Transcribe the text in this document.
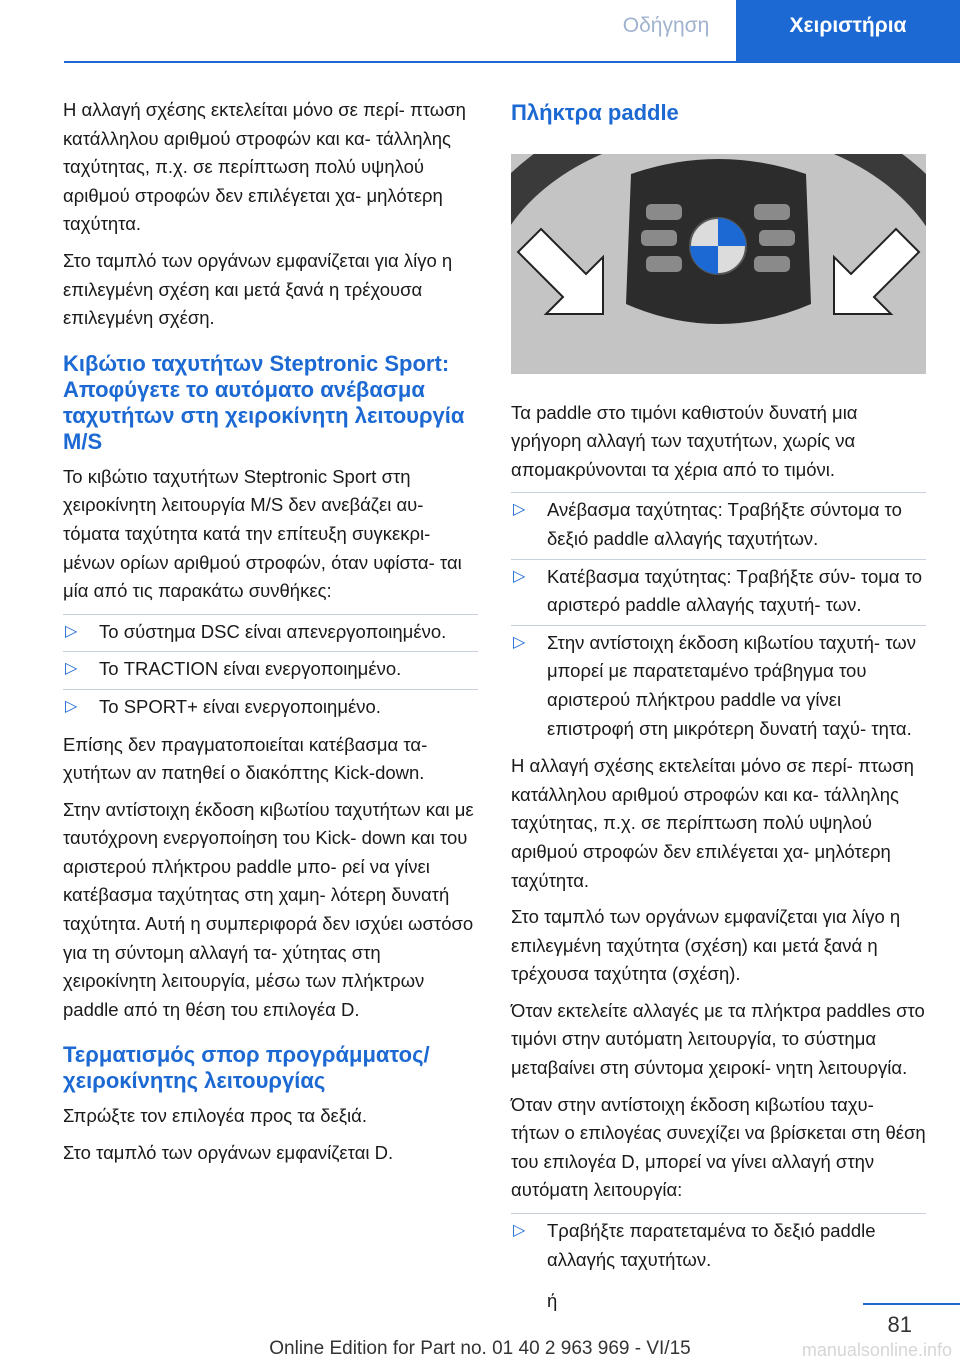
Οδήγηση	Χειριστήρια

Η αλλαγή σχέσης εκτελείται μόνο σε περί- πτωση κατάλληλου αριθμού στροφών και κα- τάλληλης ταχύτητας, π.χ. σε περίπτωση πολύ υψηλού αριθμού στροφών δεν επιλέγεται χα- μηλότερη ταχύτητα.

Στο ταμπλό των οργάνων εμφανίζεται για λίγο η επιλεγμένη σχέση και μετά ξανά η τρέχουσα επιλεγμένη σχέση.

Κιβώτιο ταχυτήτων Steptronic Sport: Αποφύγετε το αυτόματο ανέβασμα ταχυτήτων στη χειροκίνητη λειτουργία M/S

Το κιβώτιο ταχυτήτων Steptronic Sport στη χειροκίνητη λειτουργία M/S δεν ανεβάζει αυ- τόματα ταχύτητα κατά την επίτευξη συγκεκρι- μένων ορίων αριθμού στροφών, όταν υφίστα- ται μία από τις παρακάτω συνθήκες:

▷ Το σύστημα DSC είναι απενεργοποιημένο.
▷ Το TRACTION είναι ενεργοποιημένο.
▷ Το SPORT+ είναι ενεργοποιημένο.

Επίσης δεν πραγματοποιείται κατέβασμα τα- χυτήτων αν πατηθεί ο διακόπτης Kick-down.

Στην αντίστοιχη έκδοση κιβωτίου ταχυτήτων και με ταυτόχρονη ενεργοποίηση του Kick- down και του αριστερού πλήκτρου paddle μπο- ρεί να γίνει κατέβασμα ταχύτητας στη χαμη- λότερη δυνατή ταχύτητα. Αυτή η συμπεριφορά δεν ισχύει ωστόσο για τη σύντομη αλλαγή τα- χύτητας στη χειροκίνητη λειτουργία, μέσω των πλήκτρων paddle από τη θέση του επιλογέα D.

Τερματισμός σπορ προγράμματος/ χειροκίνητης λειτουργίας

Σπρώξτε τον επιλογέα προς τα δεξιά.

Στο ταμπλό των οργάνων εμφανίζεται D.

Πλήκτρα paddle

Τα paddle στο τιμόνι καθιστούν δυνατή μια γρήγορη αλλαγή των ταχυτήτων, χωρίς να απομακρύνονται τα χέρια από το τιμόνι.

▷ Ανέβασμα ταχύτητας: Τραβήξτε σύντομα το δεξιό paddle αλλαγής ταχυτήτων.
▷ Κατέβασμα ταχύτητας: Τραβήξτε σύν- τομα το αριστερό paddle αλλαγής ταχυτή- των.
▷ Στην αντίστοιχη έκδοση κιβωτίου ταχυτή- των μπορεί με παρατεταμένο τράβηγμα του αριστερού πλήκτρου paddle να γίνει επιστροφή στη μικρότερη δυνατή ταχύ- τητα.

Η αλλαγή σχέσης εκτελείται μόνο σε περί- πτωση κατάλληλου αριθμού στροφών και κα- τάλληλης ταχύτητας, π.χ. σε περίπτωση πολύ υψηλού αριθμού στροφών δεν επιλέγεται χα- μηλότερη ταχύτητα.

Στο ταμπλό των οργάνων εμφανίζεται για λίγο η επιλεγμένη ταχύτητα (σχέση) και μετά ξανά η τρέχουσα ταχύτητα (σχέση).

Όταν εκτελείτε αλλαγές με τα πλήκτρα paddles στο τιμόνι στην αυτόματη λειτουργία, το σύστημα μεταβαίνει στη σύντομα χειροκί- νητη λειτουργία.

Όταν στην αντίστοιχη έκδοση κιβωτίου ταχυ- τήτων ο επιλογέας συνεχίζει να βρίσκεται στη θέση του επιλογέα D, μπορεί να γίνει αλλαγή στην αυτόματη λειτουργία:

▷ Τραβήξτε παρατεταμένα το δεξιό paddle αλλαγής ταχυτήτων.

ή

81
Online Edition for Part no. 01 40 2 963 969 - VI/15	manualsonline.info
